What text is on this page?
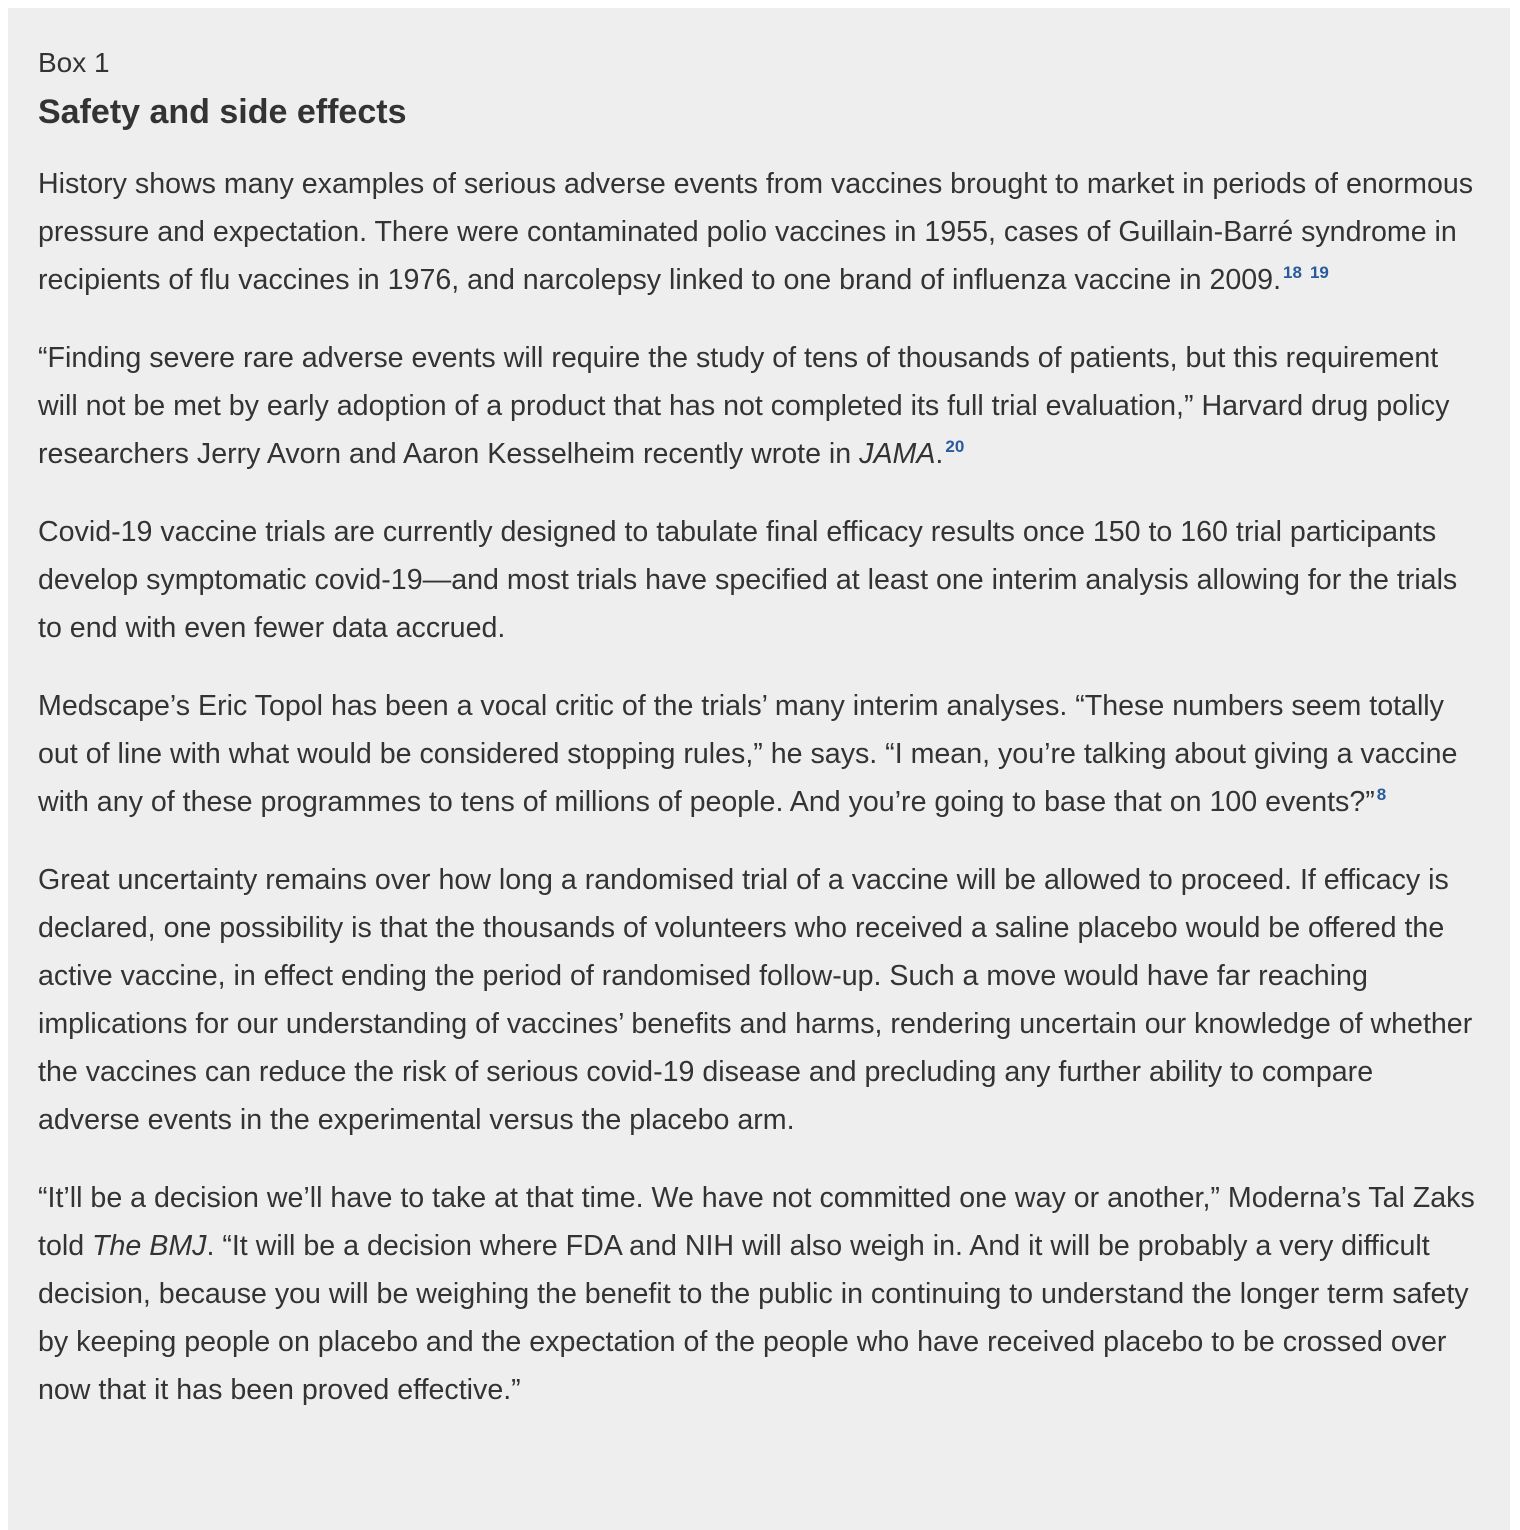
Box 1

Safety and side effects

History shows many examples of serious adverse events from vaccines brought to market in periods of enormous pressure and expectation. There were contaminated polio vaccines in 1955, cases of Guillain-Barré syndrome in recipients of flu vaccines in 1976, and narcolepsy linked to one brand of influenza vaccine in 2009. $^{18}$ $^{19}$

“Finding severe rare adverse events will require the study of tens of thousands of patients, but this requirement will not be met by early adoption of a product that has not completed its full trial evaluation,” Harvard drug policy researchers Jerry Avorn and Aaron Kesselheim recently wrote in JAMA. $^{20}$

Covid-19 vaccine trials are currently designed to tabulate final efficacy results once 150 to 160 trial participants develop symptomatic covid-19—and most trials have specified at least one interim analysis allowing for the trials to end with even fewer data accrued.

Medscape’s Eric Topol has been a vocal critic of the trials’ many interim analyses. “These numbers seem totally out of line with what would be considered stopping rules,” he says. “I mean, you’re talking about giving a vaccine with any of these programmes to tens of millions of people. And you’re going to base that on 100 events?” $^8$

Great uncertainty remains over how long a randomised trial of a vaccine will be allowed to proceed. If efficacy is declared, one possibility is that the thousands of volunteers who received a saline placebo would be offered the active vaccine, in effect ending the period of randomised follow-up. Such a move would have far reaching implications for our understanding of vaccines’ benefits and harms, rendering uncertain our knowledge of whether the vaccines can reduce the risk of serious covid-19 disease and precluding any further ability to compare adverse events in the experimental versus the placebo arm.

“It’ll be a decision we’ll have to take at that time. We have not committed one way or another,” Moderna’s Tal Zaks told The BMJ. “It will be a decision where FDA and NIH will also weigh in. And it will be probably a very difficult decision, because you will be weighing the benefit to the public in continuing to understand the longer term safety by keeping people on placebo and the expectation of the people who have received placebo to be crossed over now that it has been proved effective.”
